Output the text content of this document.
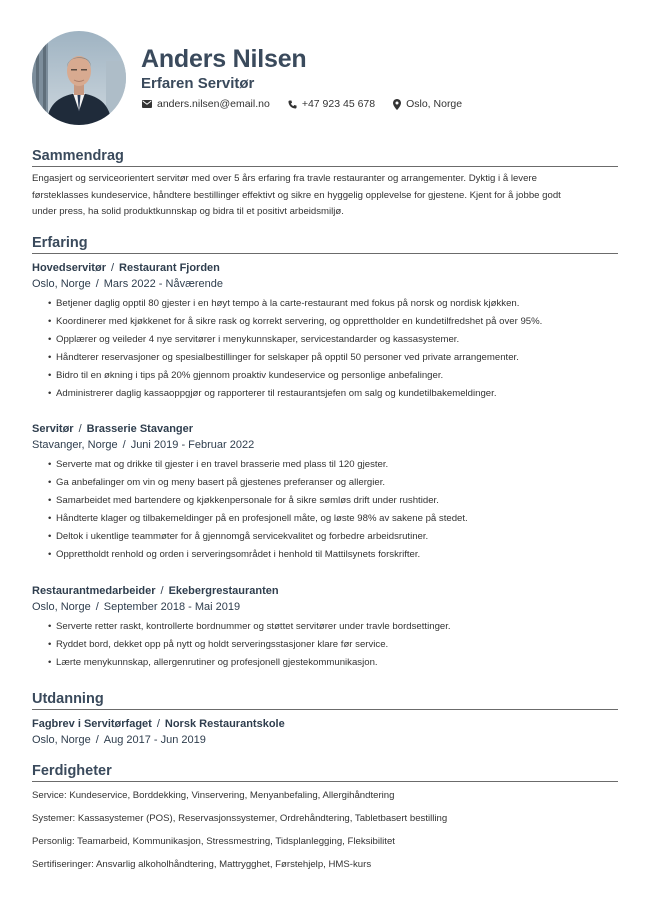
Anders Nilsen
Erfaren Servitør
anders.nilsen@email.no	+47 923 45 678	Oslo, Norge
Sammendrag
Engasjert og serviceorientert servitør med over 5 års erfaring fra travle restauranter og arrangementer. Dyktig i å levere
førsteklasses kundeservice, håndtere bestillinger effektivt og sikre en hyggelig opplevelse for gjestene. Kjent for å jobbe godt
under press, ha solid produktkunnskap og bidra til et positivt arbeidsmiljø.
Erfaring
Hovedservitør / Restaurant Fjorden
Oslo, Norge / Mars 2022 - Nåværende
• Betjener daglig opptil 80 gjester i en høyt tempo à la carte-restaurant med fokus på norsk og nordisk kjøkken.
• Koordinerer med kjøkkenet for å sikre rask og korrekt servering, og opprettholder en kundetilfredshet på over 95%.
• Opplærer og veileder 4 nye servitører i menykunnskaper, servicestandarder og kassasystemer.
• Håndterer reservasjoner og spesialbestillinger for selskaper på opptil 50 personer ved private arrangementer.
• Bidro til en økning i tips på 20% gjennom proaktiv kundeservice og personlige anbefalinger.
• Administrerer daglig kassaoppgjør og rapporterer til restaurantsjefen om salg og kundetilbakemeldinger.
Servitør / Brasserie Stavanger
Stavanger, Norge / Juni 2019 - Februar 2022
• Serverte mat og drikke til gjester i en travel brasserie med plass til 120 gjester.
• Ga anbefalinger om vin og meny basert på gjestenes preferanser og allergier.
• Samarbeidet med bartendere og kjøkkenpersonale for å sikre sømløs drift under rushtider.
• Håndterte klager og tilbakemeldinger på en profesjonell måte, og løste 98% av sakene på stedet.
• Deltok i ukentlige teammøter for å gjennomgå servicekvalitet og forbedre arbeidsrutiner.
• Opprettholdt renhold og orden i serveringsområdet i henhold til Mattilsynets forskrifter.
Restaurantmedarbeider / Ekebergrestauranten
Oslo, Norge / September 2018 - Mai 2019
• Serverte retter raskt, kontrollerte bordnummer og støttet servitører under travle bordsettinger.
• Ryddet bord, dekket opp på nytt og holdt serveringsstasjoner klare før service.
• Lærte menykunnskap, allergenrutiner og profesjonell gjestekommunikasjon.
Utdanning
Fagbrev i Servitørfaget / Norsk Restaurantskole
Oslo, Norge / Aug 2017 - Jun 2019
Ferdigheter
Service: Kundeservice, Borddekking, Vinservering, Menyanbefaling, Allergihåndtering
Systemer: Kassasystemer (POS), Reservasjonssystemer, Ordrehåndtering, Tabletbasert bestilling
Personlig: Teamarbeid, Kommunikasjon, Stressmestring, Tidsplanlegging, Fleksibilitet
Sertifiseringer: Ansvarlig alkoholhåndtering, Mattrygghet, Førstehjelp, HMS-kurs
